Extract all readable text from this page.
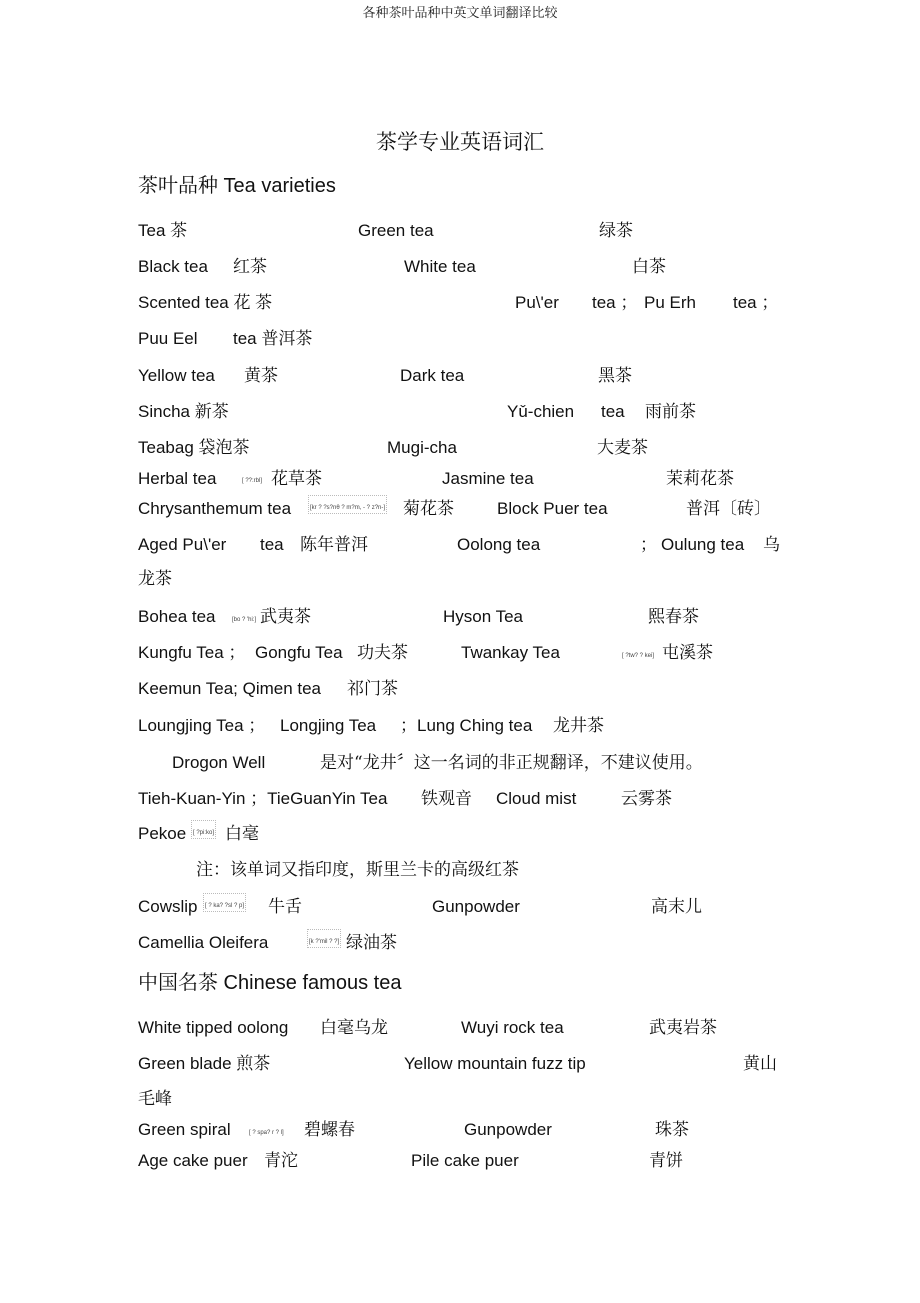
各种茶叶品种中英文单词翻译比较
茶学专业英语词汇
茶叶品种 Tea varieties
Tea 茶	Green tea	绿茶
Black tea 红茶	White tea	白茶
Scented tea 花 茶	Pu\'er tea ； Pu Erh tea ；
Puu Eel tea 普洱茶
Yellow tea 黄茶	Dark tea	黑茶
Sincha 新茶	Yǔ-chien tea 雨前茶
Teabag 袋泡茶	Mugi-cha	大麦茶
Herbal tea	[ ??:rbl] 花草茶	Jasmine tea	茉莉花茶
Chrysanthemum tea	[kr ? ?s?nθ ? m?m, - ? z?n-] 菊花茶	Block Puer tea	普洱〔砖〕
Aged Pu\'er tea 陈年普洱	Oolong tea	； Oulung tea 乌
龙茶
Bohea tea	[bo ? 'hi:] 武夷茶	Hyson Tea	熙春茶
Kungfu Tea ； Gongfu Tea 功夫茶	Twankay Tea	[ ?tw? ? kei] 屯溪茶
Keemun Tea; Qimen tea 祁门茶
Loungjing Tea ； Longjing Tea ；Lung Ching tea 龙井茶
Drogon Well	是对“龙井〞这一名词的非正规翻译，不建议使用。
Tieh-Kuan-Yin ；TieGuanYin Tea 铁观音 Cloud mist	云雾茶
Pekoe	[ ?pi:ko] 白毫
注：该单词又指印度，斯里兰卡的高级红茶
Cowslip	[ ? ka? ?sl ? p] 牛舌	Gunpowder	高末儿
Camellia Oleifera	[k ?'mil ? ?] 绿油茶
中国名茶 Chinese famous tea
White tipped oolong 白毫乌龙	Wuyi rock tea	武夷岩茶
Green blade 煎茶	Yellow mountain fuzz tip	黄山
毛峰
Green spiral	[ ? spa? r ? l] 碧螺春	Gunpowder	珠茶
Age cake puer 青沱	Pile cake puer	青饼
